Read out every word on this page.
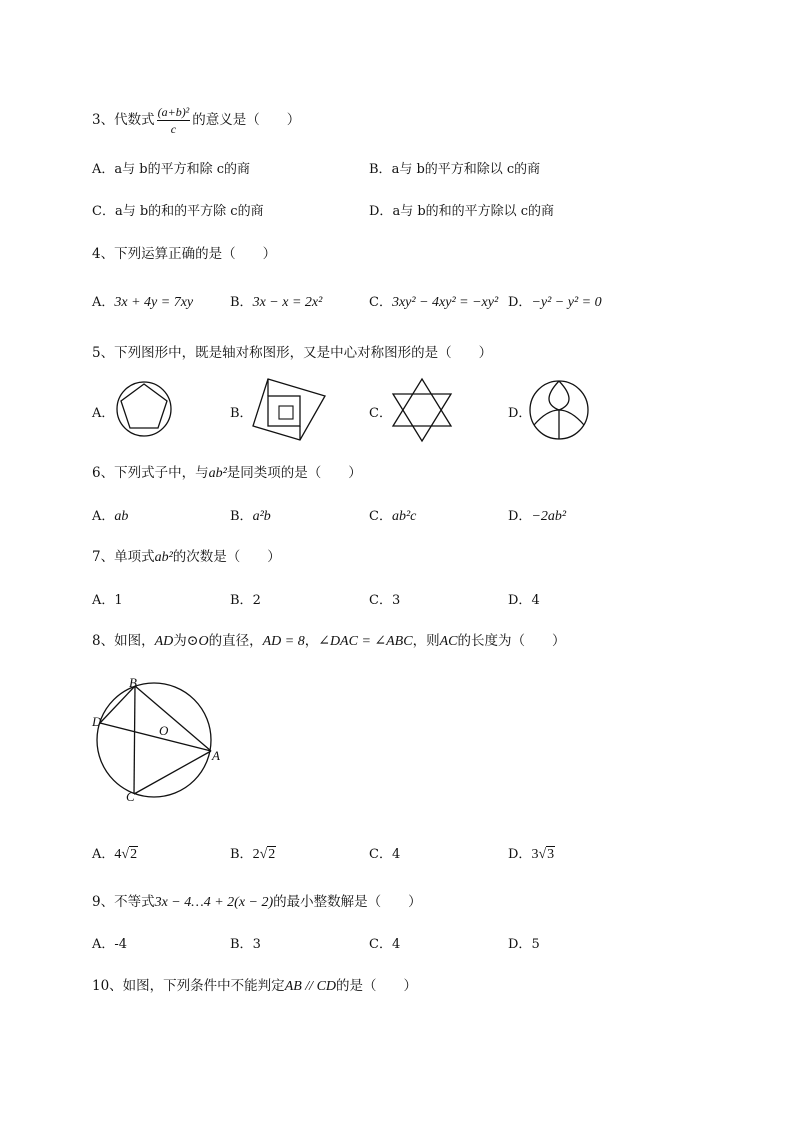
3、代数式 $\frac{\text{(a+b)²}}{c}$ 的意义是（　　）
A．a与 b的平方和除 c的商	B．a与 b的平方和除以 c的商
C．a与 b的和的平方除 c的商	D．a与 b的和的平方除以 c的商
4、下列运算正确的是（　　）
A．3x + 4y = 7xy	B．3x − x = 2x²	C．3xy² − 4xy² = −xy² D．−y² − y² = 0
5、下列图形中，既是轴对称图形，又是中心对称图形的是（　　）
A．	B．	C．	D．
6、下列式子中，与ab²是同类项的是（　　）
A．ab	B．a²b	C．ab²c	D．−2ab²
7、单项式ab²的次数是（　　）
A．1	B．2	C．3	D．4
8、如图，AD为⊙O的直径，AD = 8，∠DAC = ∠ABC，则AC的长度为（　　）
B
D
O
A
C
A．4√2	B．2√2	C．4	D．3√3
9、不等式3x − 4…4 + 2(x − 2)的最小整数解是（　　）
A．-4	B．3	C．4	D．5
10、如图，下列条件中不能判定AB // CD的是（　　）
